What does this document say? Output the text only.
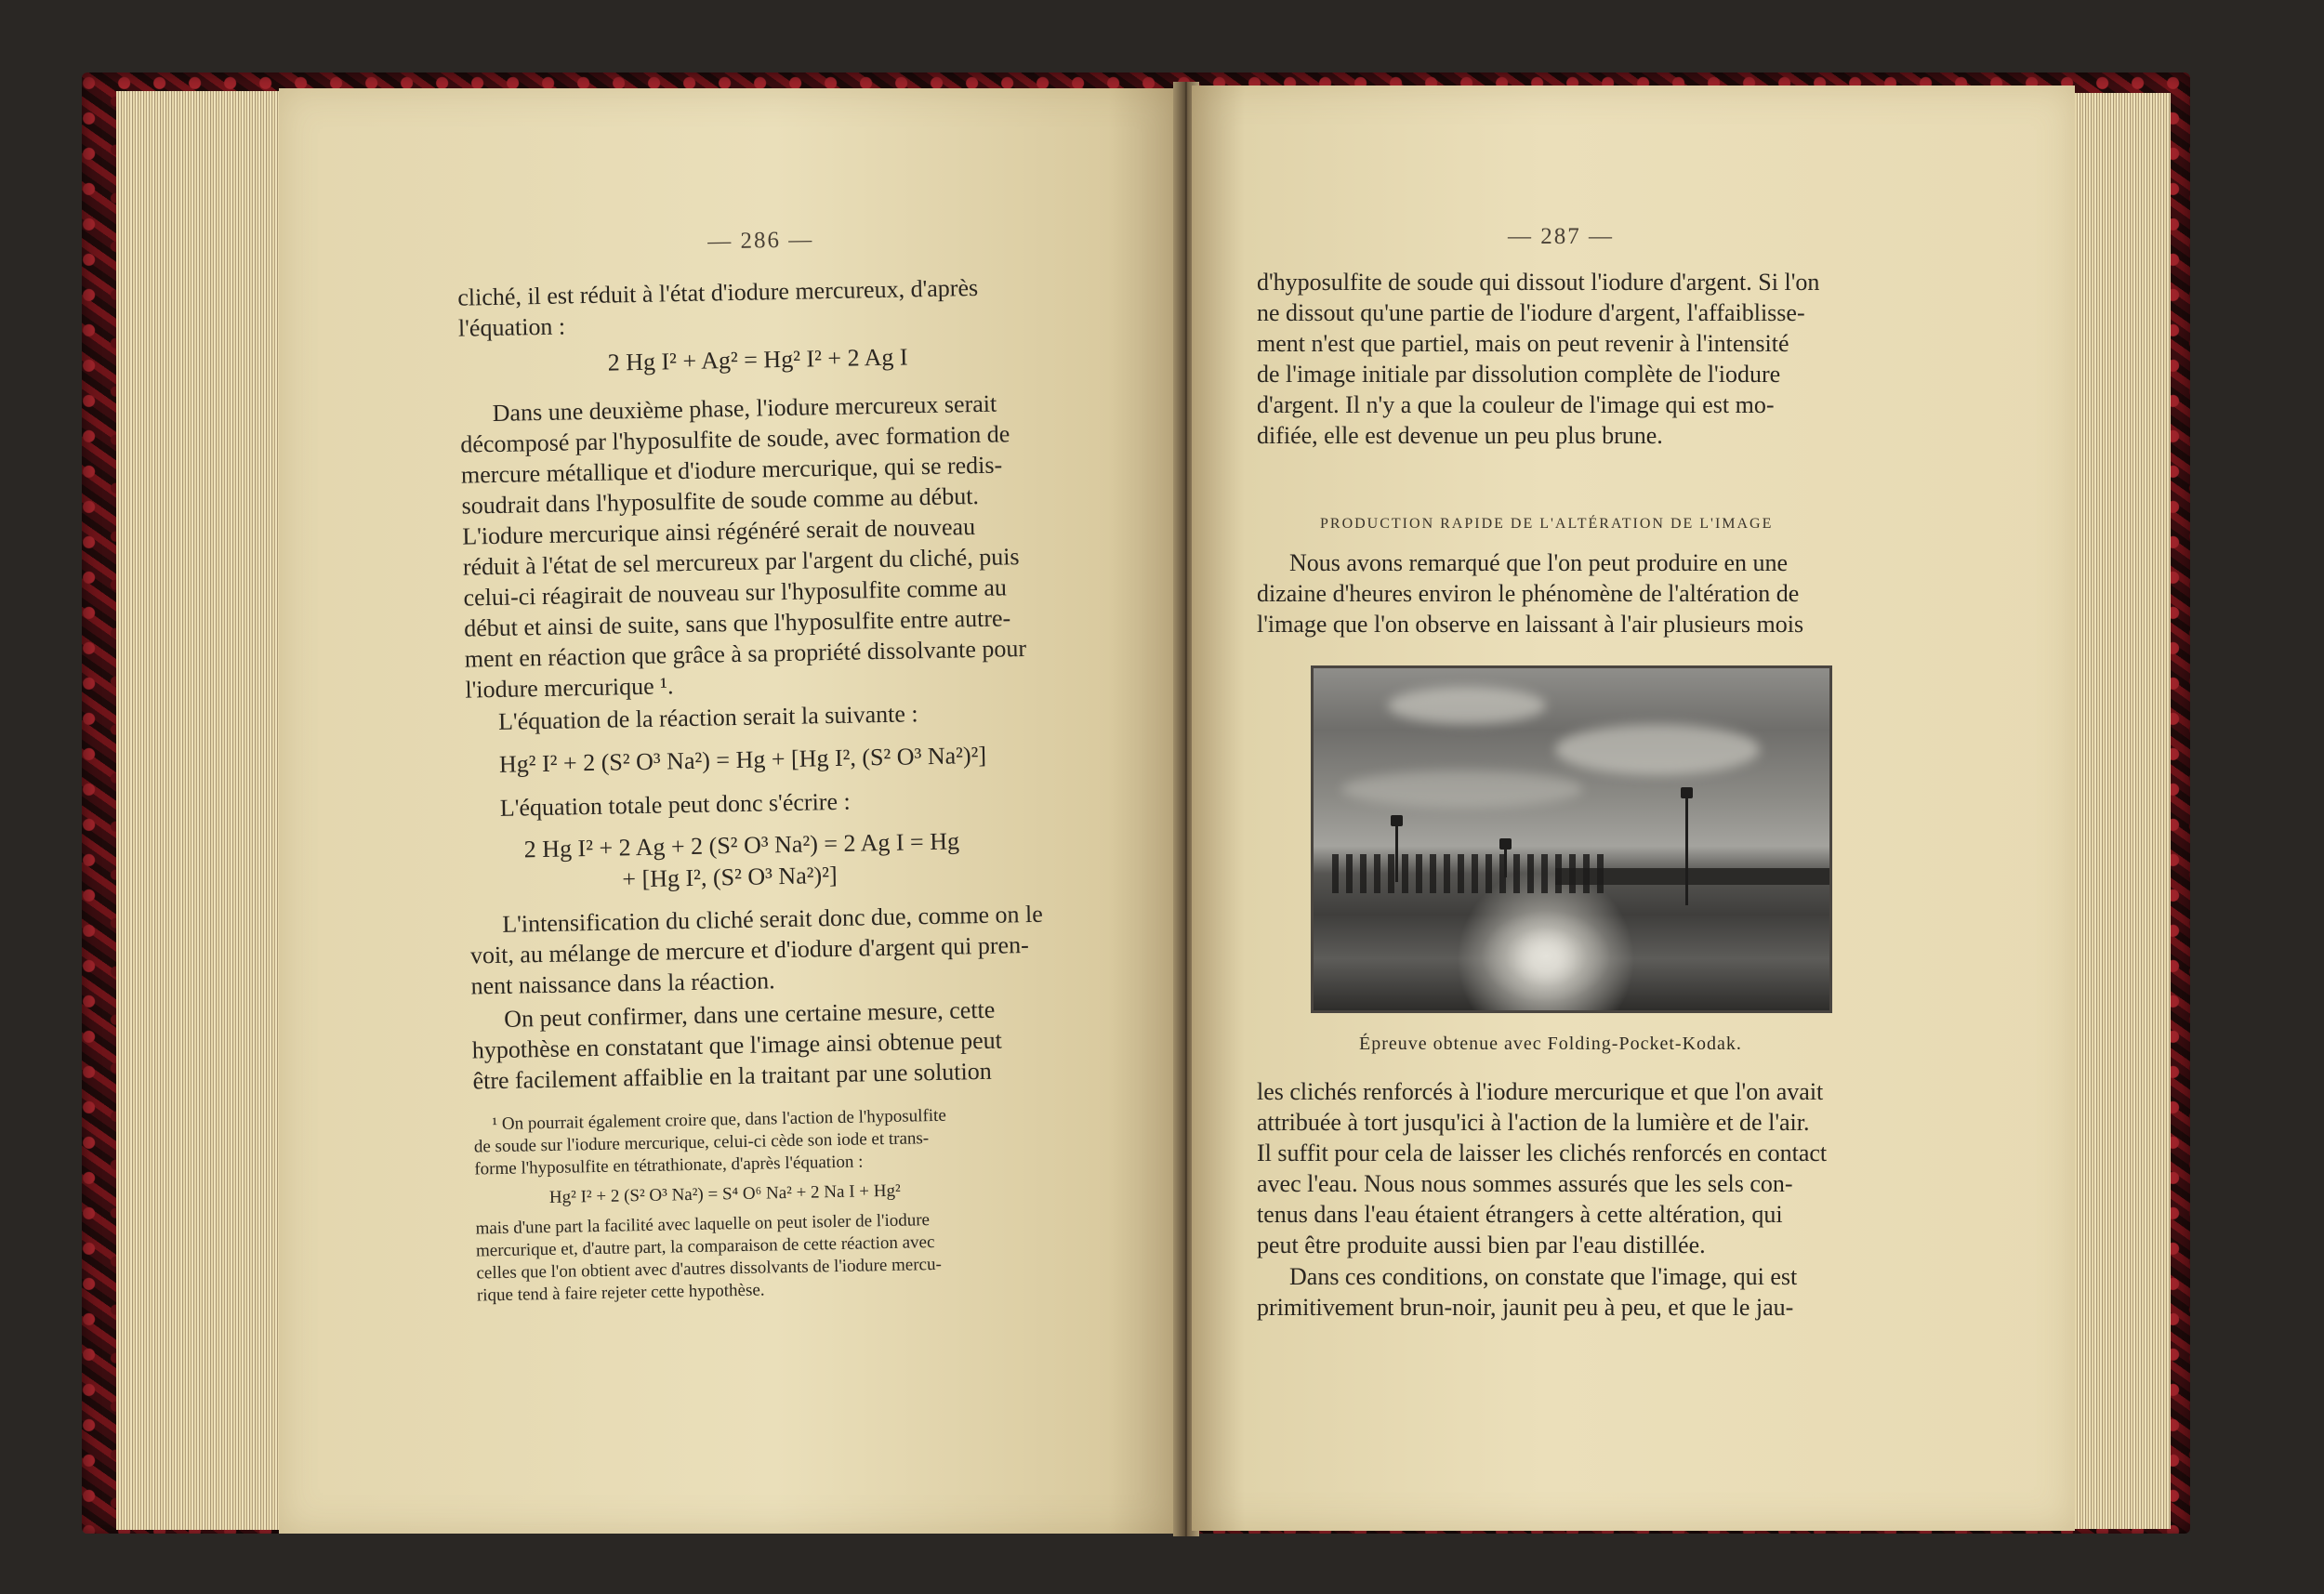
— 286 —
cliché, il est réduit à l'état d'iodure mercureux, d'après
l'équation :
2 Hg I² + Ag² = Hg² I² + 2 Ag I
Dans une deuxième phase, l'iodure mercureux serait
décomposé par l'hyposulfite de soude, avec formation de
mercure métallique et d'iodure mercurique, qui se redis-
soudrait dans l'hyposulfite de soude comme au début.
L'iodure mercurique ainsi régénéré serait de nouveau
réduit à l'état de sel mercureux par l'argent du cliché, puis
celui-ci réagirait de nouveau sur l'hyposulfite comme au
début et ainsi de suite, sans que l'hyposulfite entre autre-
ment en réaction que grâce à sa propriété dissolvante pour
l'iodure mercurique ¹.
L'équation de la réaction serait la suivante :
Hg² I² + 2 (S² O³ Na²) = Hg + [Hg I², (S² O³ Na²)²]
L'équation totale peut donc s'écrire :
2 Hg I² + 2 Ag + 2 (S² O³ Na²) = 2 Ag I = Hg
+ [Hg I², (S² O³ Na²)²]
L'intensification du cliché serait donc due, comme on le
voit, au mélange de mercure et d'iodure d'argent qui pren-
nent naissance dans la réaction.
On peut confirmer, dans une certaine mesure, cette
hypothèse en constatant que l'image ainsi obtenue peut
être facilement affaiblie en la traitant par une solution
¹ On pourrait également croire que, dans l'action de l'hyposulfite
de soude sur l'iodure mercurique, celui-ci cède son iode et trans-
forme l'hyposulfite en tétrathionate, d'après l'équation :
Hg² I² + 2 (S² O³ Na²) = S⁴ O⁶ Na² + 2 Na I + Hg²
mais d'une part la facilité avec laquelle on peut isoler de l'iodure
mercurique et, d'autre part, la comparaison de cette réaction avec
celles que l'on obtient avec d'autres dissolvants de l'iodure mercu-
rique tend à faire rejeter cette hypothèse.
— 287 —
d'hyposulfite de soude qui dissout l'iodure d'argent. Si l'on
ne dissout qu'une partie de l'iodure d'argent, l'affaiblisse-
ment n'est que partiel, mais on peut revenir à l'intensité
de l'image initiale par dissolution complète de l'iodure
d'argent. Il n'y a que la couleur de l'image qui est mo-
difiée, elle est devenue un peu plus brune.
PRODUCTION RAPIDE DE L'ALTÉRATION DE L'IMAGE
Nous avons remarqué que l'on peut produire en une
dizaine d'heures environ le phénomène de l'altération de
l'image que l'on observe en laissant à l'air plusieurs mois
Épreuve obtenue avec Folding-Pocket-Kodak.
les clichés renforcés à l'iodure mercurique et que l'on avait
attribuée à tort jusqu'ici à l'action de la lumière et de l'air.
Il suffit pour cela de laisser les clichés renforcés en contact
avec l'eau. Nous nous sommes assurés que les sels con-
tenus dans l'eau étaient étrangers à cette altération, qui
peut être produite aussi bien par l'eau distillée.
Dans ces conditions, on constate que l'image, qui est
primitivement brun-noir, jaunit peu à peu, et que le jau-
